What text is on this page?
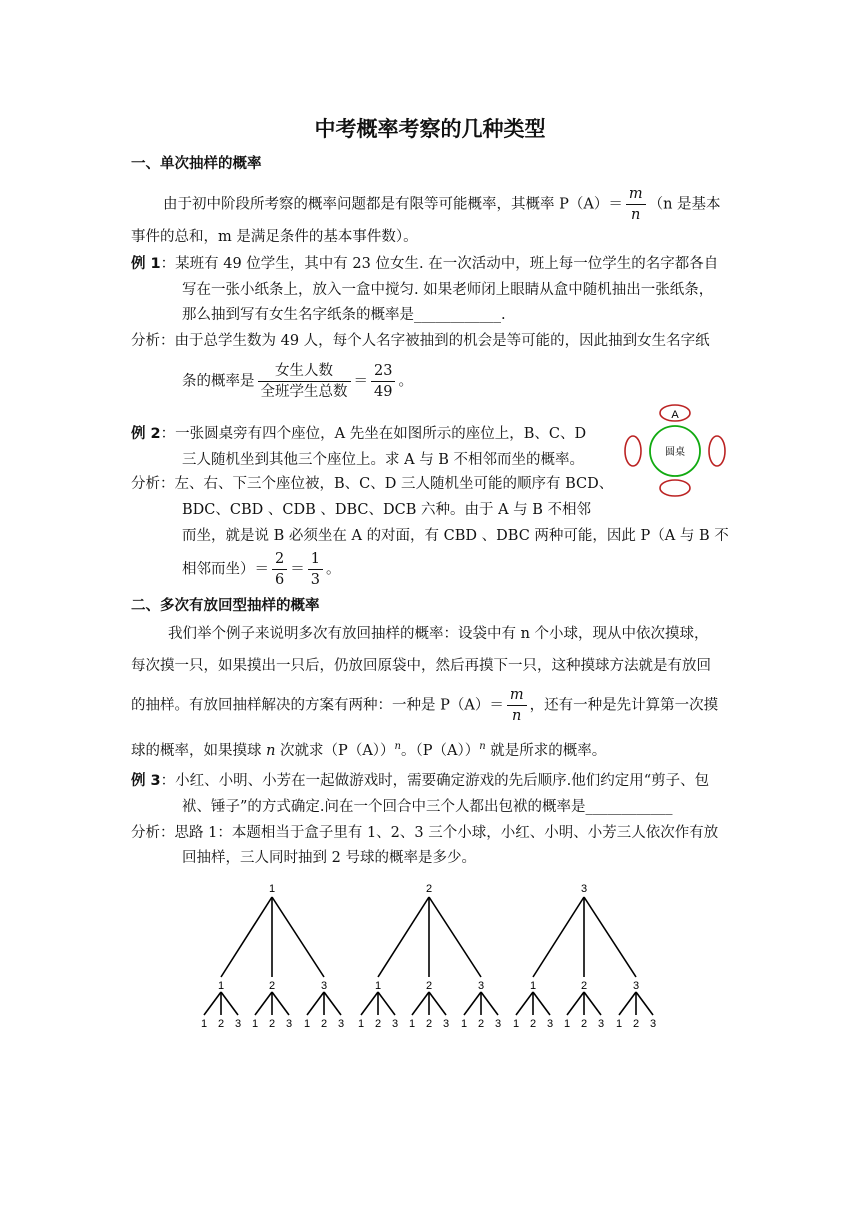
中考概率考察的几种类型
一、单次抽样的概率
由于初中阶段所考察的概率问题都是有限等可能概率，其概率 $P(A)= \frac{m}{n} (n$ 是基本
事件的总和，m 是满足条件的基本事件数）。
例 1：某班有 49 位学生，其中有 23 位女生. 在一次活动中，班上每一位学生的名字都各自
写在一张小纸条上，放入一盒中搅匀. 如果老师闭上眼睛从盒中随机抽出一张纸条，
那么抽到写有女生名字纸条的概率是____________.
分析：由于总学生数为 49 人，每个人名字被抽到的机会是等可能的，因此抽到女生名字纸
条的概率是 $\frac{\text{女生人数}}{\text{全班学生总数}} = \frac{23}{49}$ 。
例 2：一张圆桌旁有四个座位，A 先坐在如图所示的座位上，B、C、D
三人随机坐到其他三个座位上。求 A 与 B 不相邻而坐的概率。
A
圆桌
分析：左、右、下三个座位被，B、C、D 三人随机坐可能的顺序有 BCD、
BDC、CBD 、CDB 、DBC、DCB 六种。由于 A 与 B 不相邻
而坐，就是说 B 必须坐在 A 的对面，有 CBD 、DBC 两种可能，因此 P（A 与 B 不
相邻而坐）＝ $\frac{2}{6} = \frac{1}{3}$ 。
二、多次有放回型抽样的概率
我们举个例子来说明多次有放回抽样的概率：设袋中有 n 个小球，现从中依次摸球，
每次摸一只，如果摸出一只后，仍放回原袋中，然后再摸下一只，这种摸球方法就是有放回
的抽样。有放回抽样解决的方案有两种：一种是 $P(A)= \frac{m}{n}$ ，还有一种是先计算第一次摸
球的概率，如果摸球 n 次就求$(P(A))^n$。$(P(A))^n$ 就是所求的概率。
例 3：小红、小明、小芳在一起做游戏时，需要确定游戏的先后顺序.他们约定用“剪子、包
袱、锤子”的方式确定.问在一个回合中三个人都出包袱的概率是____________
分析：思路 1：本题相当于盒子里有 1、2、3 三个小球，小红、小明、小芳三人依次作有放
回抽样，三人同时抽到 2 号球的概率是多少。
1
1
1 2 3
2
1 2 3
3
1 2 3
2
1
1 2 3
2
1 2 3
3
1 2 3
3
1
1 2 3
2
1 2 3
3
1 2 3
